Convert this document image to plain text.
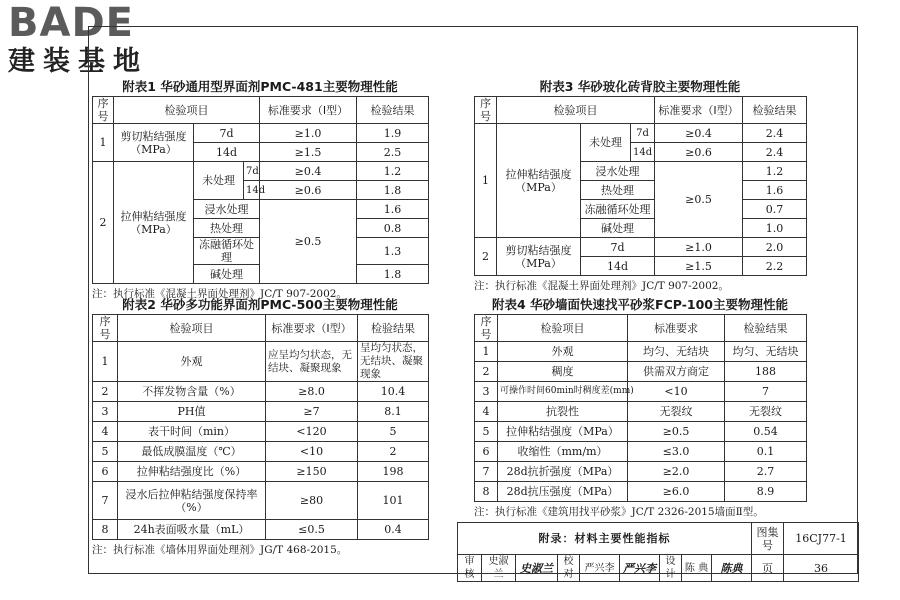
BADE
建装基地
附表1 华砂通用型界面剂PMC-481主要物理性能
序号	检验项目			标准要求（Ⅰ型）	检验结果
1	剪切粘结强度（MPa）	7d		≥1.0	1.9
		14d		≥1.5	2.5
2	拉伸粘结强度（MPa）	未处理	7d	≥0.4	1.2
			14d	≥0.6	1.8
		浸水处理		≥0.5	1.6
		热处理			0.8
		冻融循环处理			1.3
		碱处理			1.8
注：执行标准《混凝土界面处理剂》JC/T 907-2002。
附表2 华砂多功能界面剂PMC-500主要物理性能
序号	检验项目	标准要求（Ⅰ型）	检验结果
1	外观	应呈均匀状态，无结块、凝聚现象	呈均匀状态，无结块、凝聚现象
2	不挥发物含量（%）	≥8.0	10.4
3	PH值	≥7	8.1
4	表干时间（min）	<120	5
5	最低成膜温度（℃）	<10	2
6	拉伸粘结强度比（%）	≥150	198
7	浸水后拉伸粘结强度保持率（%）	≥80	101
8	24h表面吸水量（mL）	≤0.5	0.4
注：执行标准《墙体用界面处理剂》JG/T 468-2015。
附表3 华砂玻化砖背胶主要物理性能
序号	检验项目			标准要求（Ⅰ型）	检验结果
1	拉伸粘结强度（MPa）	未处理	7d	≥0.4	2.4
			14d	≥0.6	2.4
		浸水处理		≥0.5	1.2
		热处理			1.6
		冻融循环处理			0.7
		碱处理			1.0
2	剪切粘结强度（MPa）	7d		≥1.0	2.0
		14d		≥1.5	2.2
注：执行标准《混凝土界面处理剂》JC/T 907-2002。
附表4 华砂墙面快速找平砂浆FCP-100主要物理性能
序号	检验项目	标准要求	检验结果
1	外观	均匀、无结块	均匀、无结块
2	稠度	供需双方商定	188
3	可操作时间60min时稠度差(mm)	<10	7
4	抗裂性	无裂纹	无裂纹
5	拉伸粘结强度（MPa）	≥0.5	0.54
6	收缩性（mm/m）	≤3.0	0.1
7	28d抗折强度（MPa）	≥2.0	2.7
8	28d抗压强度（MPa）	≥6.0	8.9
注：执行标准《建筑用找平砂浆》JC/T 2326-2015墙面Ⅱ型。
附录：材料主要性能指标									图集号	16CJ77-1
审核	史淑兰	史淑兰	校对	严兴李	严兴李	设计	陈 典	陈典	页	36
